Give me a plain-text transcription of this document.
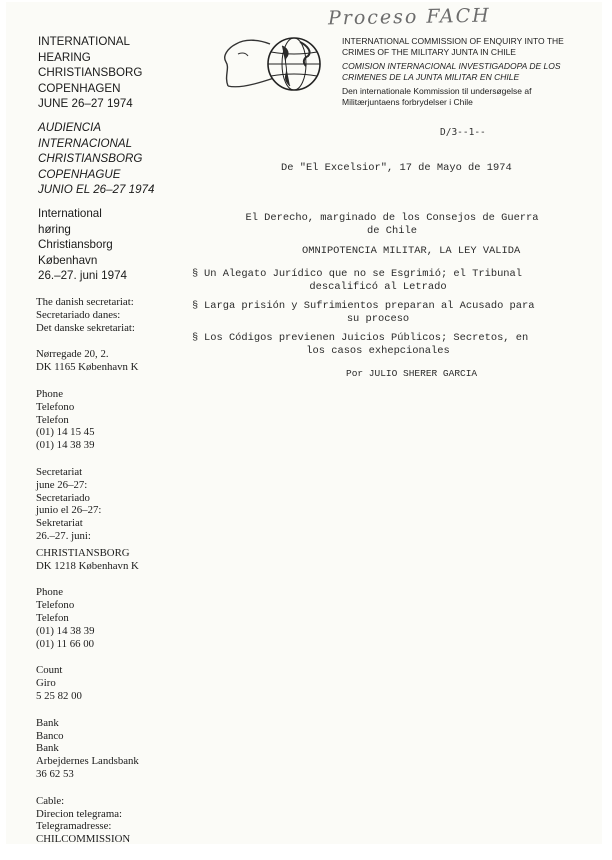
Proceso FACH
INTERNATIONAL
HEARING
CHRISTIANSBORG
COPENHAGEN
JUNE 26–27 1974
AUDIENCIA
INTERNACIONAL
CHRISTIANSBORG
COPENHAGUE
JUNIO EL 26–27 1974
International
høring
Christiansborg
København
26.–27. juni 1974
The danish secretariat:
Secretariado danes:
Det danske sekretariat:
Nørregade 20, 2.
DK 1165 København K
Phone
Telefono
Telefon
(01) 14 15 45
(01) 14 38 39
Secretariat
june 26–27:
Secretariado
junio el 26–27:
Sekretariat
26.–27. juni:
CHRISTIANSBORG
DK 1218 København K
Phone
Telefono
Telefon
(01) 14 38 39
(01) 11 66 00
Count
Giro
5 25 82 00
Bank
Banco
Bank
Arbejdernes Landsbank
36 62 53
Cable:
Direcion telegrama:
Telegramadresse:
CHILCOMMISSION
INTERNATIONAL COMMISSION OF ENQUIRY INTO THE
CRIMES OF THE MILITARY JUNTA IN CHILE
COMISION INTERNACIONAL INVESTIGADOPA DE LOS
CRIMENES DE LA JUNTA MILITAR EN CHILE
Den internationale Kommission til undersøgelse af
Militærjuntaens forbrydelser i Chile
D/3--1--
De "El Excelsior", 17 de Mayo de 1974
El Derecho, marginado de los Consejos de Guerra
de Chile
OMNIPOTENCIA MILITAR, LA LEY VALIDA
§ Un Alegato Jurídico que no se Esgrimió; el Tribunal
descalificó al Letrado
§ Larga prisión y Sufrimientos preparan al Acusado para
su proceso
§ Los Códigos previenen Juicios Públicos; Secretos, en
los casos exhepcionales
Por JULIO SHERER GARCIA
